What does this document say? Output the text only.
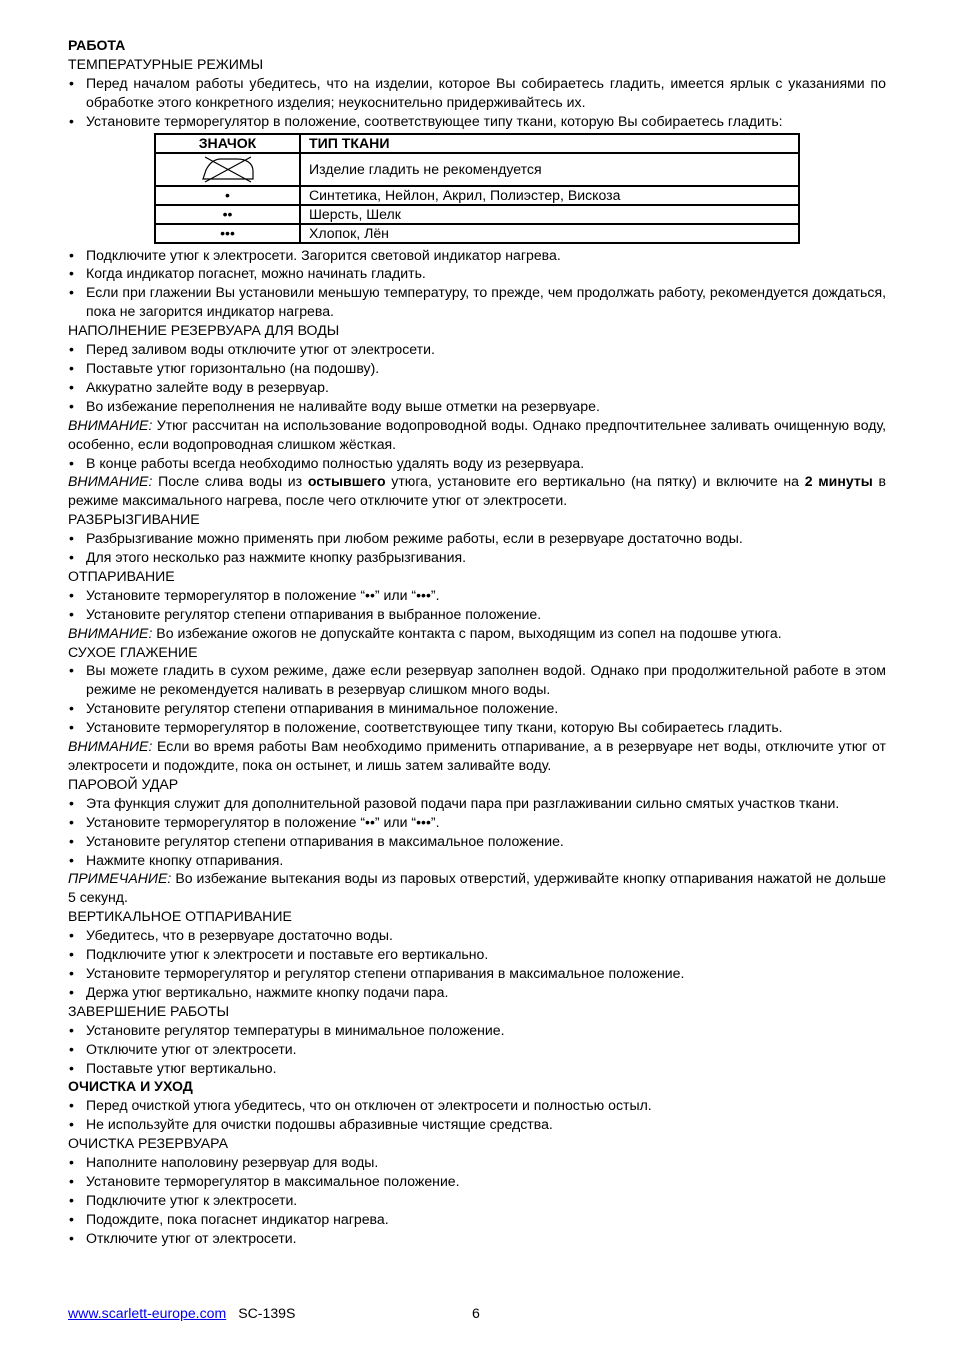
РАБОТА
ТЕМПЕРАТУРНЫЕ РЕЖИМЫ
• Перед началом работы убедитесь, что на изделии, которое Вы собираетесь гладить, имеется ярлык с указаниями по обработке этого конкретного изделия; неукоснительно придерживайтесь их.
• Установите терморегулятор в положение, соответствующее типу ткани, которую Вы собираетесь гладить:
ЗНАЧОК	ТИП ТКАНИ

	Изделие гладить не рекомендуется
•	Синтетика, Нейлон, Акрил, Полиэстер, Вискоза
••	Шерсть, Шелк
•••	Хлопок, Лён
• Подключите утюг к электросети. Загорится световой индикатор нагрева.
• Когда индикатор погаснет, можно начинать гладить.
• Если при глажении Вы установили меньшую температуру, то прежде, чем продолжать работу, рекомендуется дождаться, пока не загорится индикатор нагрева.
НАПОЛНЕНИЕ РЕЗЕРВУАРА ДЛЯ ВОДЫ
• Перед заливом воды отключите утюг от электросети.
• Поставьте утюг горизонтально (на подошву).
• Аккуратно залейте воду в резервуар.
• Во избежание переполнения не наливайте воду выше отметки на резервуаре.
ВНИМАНИЕ: Утюг рассчитан на использование водопроводной воды. Однако предпочтительнее заливать очищенную воду, особенно, если водопроводная слишком жёсткая.
• В конце работы всегда необходимо полностью удалять воду из резервуара.
ВНИМАНИЕ: После слива воды из остывшего утюга, установите его вертикально (на пятку) и включите на 2 минуты в режиме максимального нагрева, после чего отключите утюг от электросети.
РАЗБРЫЗГИВАНИЕ
• Разбрызгивание можно применять при любом режиме работы, если в резервуаре достаточно воды.
• Для этого несколько раз нажмите кнопку разбрызгивания.
ОТПАРИВАНИЕ
• Установите терморегулятор в положение “••” или “•••”.
• Установите регулятор степени отпаривания в выбранное положение.
ВНИМАНИЕ: Во избежание ожогов не допускайте контакта с паром, выходящим из сопел на подошве утюга.
СУХОЕ ГЛАЖЕНИЕ
• Вы можете гладить в сухом режиме, даже если резервуар заполнен водой. Однако при продолжительной работе в этом режиме не рекомендуется наливать в резервуар слишком много воды.
• Установите регулятор степени отпаривания в минимальное положение.
• Установите терморегулятор в положение, соответствующее типу ткани, которую Вы собираетесь гладить.
ВНИМАНИЕ: Если во время работы Вам необходимо применить отпаривание, а в резервуаре нет воды, отключите утюг от электросети и подождите, пока он остынет, и лишь затем заливайте воду.
ПАРОВОЙ УДАР
• Эта функция служит для дополнительной разовой подачи пара при разглаживании сильно смятых участков ткани.
• Установите терморегулятор в положение “••” или “•••”.
• Установите регулятор степени отпаривания в максимальное положение.
• Нажмите кнопку отпаривания.
ПРИМЕЧАНИЕ: Во избежание вытекания воды из паровых отверстий, удерживайте кнопку отпаривания нажатой не дольше 5 секунд.
ВЕРТИКАЛЬНОЕ ОТПАРИВАНИЕ
• Убедитесь, что в резервуаре достаточно воды.
• Подключите утюг к электросети и поставьте его вертикально.
• Установите терморегулятор и регулятор степени отпаривания в максимальное положение.
• Держа утюг вертикально, нажмите кнопку подачи пара.
ЗАВЕРШЕНИЕ РАБОТЫ
• Установите регулятор температуры в минимальное положение.
• Отключите утюг от электросети.
• Поставьте утюг вертикально.
ОЧИСТКА И УХОД
• Перед очисткой утюга убедитесь, что он отключен от электросети и полностью остыл.
• Не используйте для очистки подошвы абразивные чистящие средства.
ОЧИСТКА РЕЗЕРВУАРА
• Наполните наполовину резервуар для воды.
• Установите терморегулятор в максимальное положение.
• Подключите утюг к электросети.
• Подождите, пока погаснет индикатор нагрева.
• Отключите утюг от электросети.
www.scarlett-europe.com SC-139S	6
